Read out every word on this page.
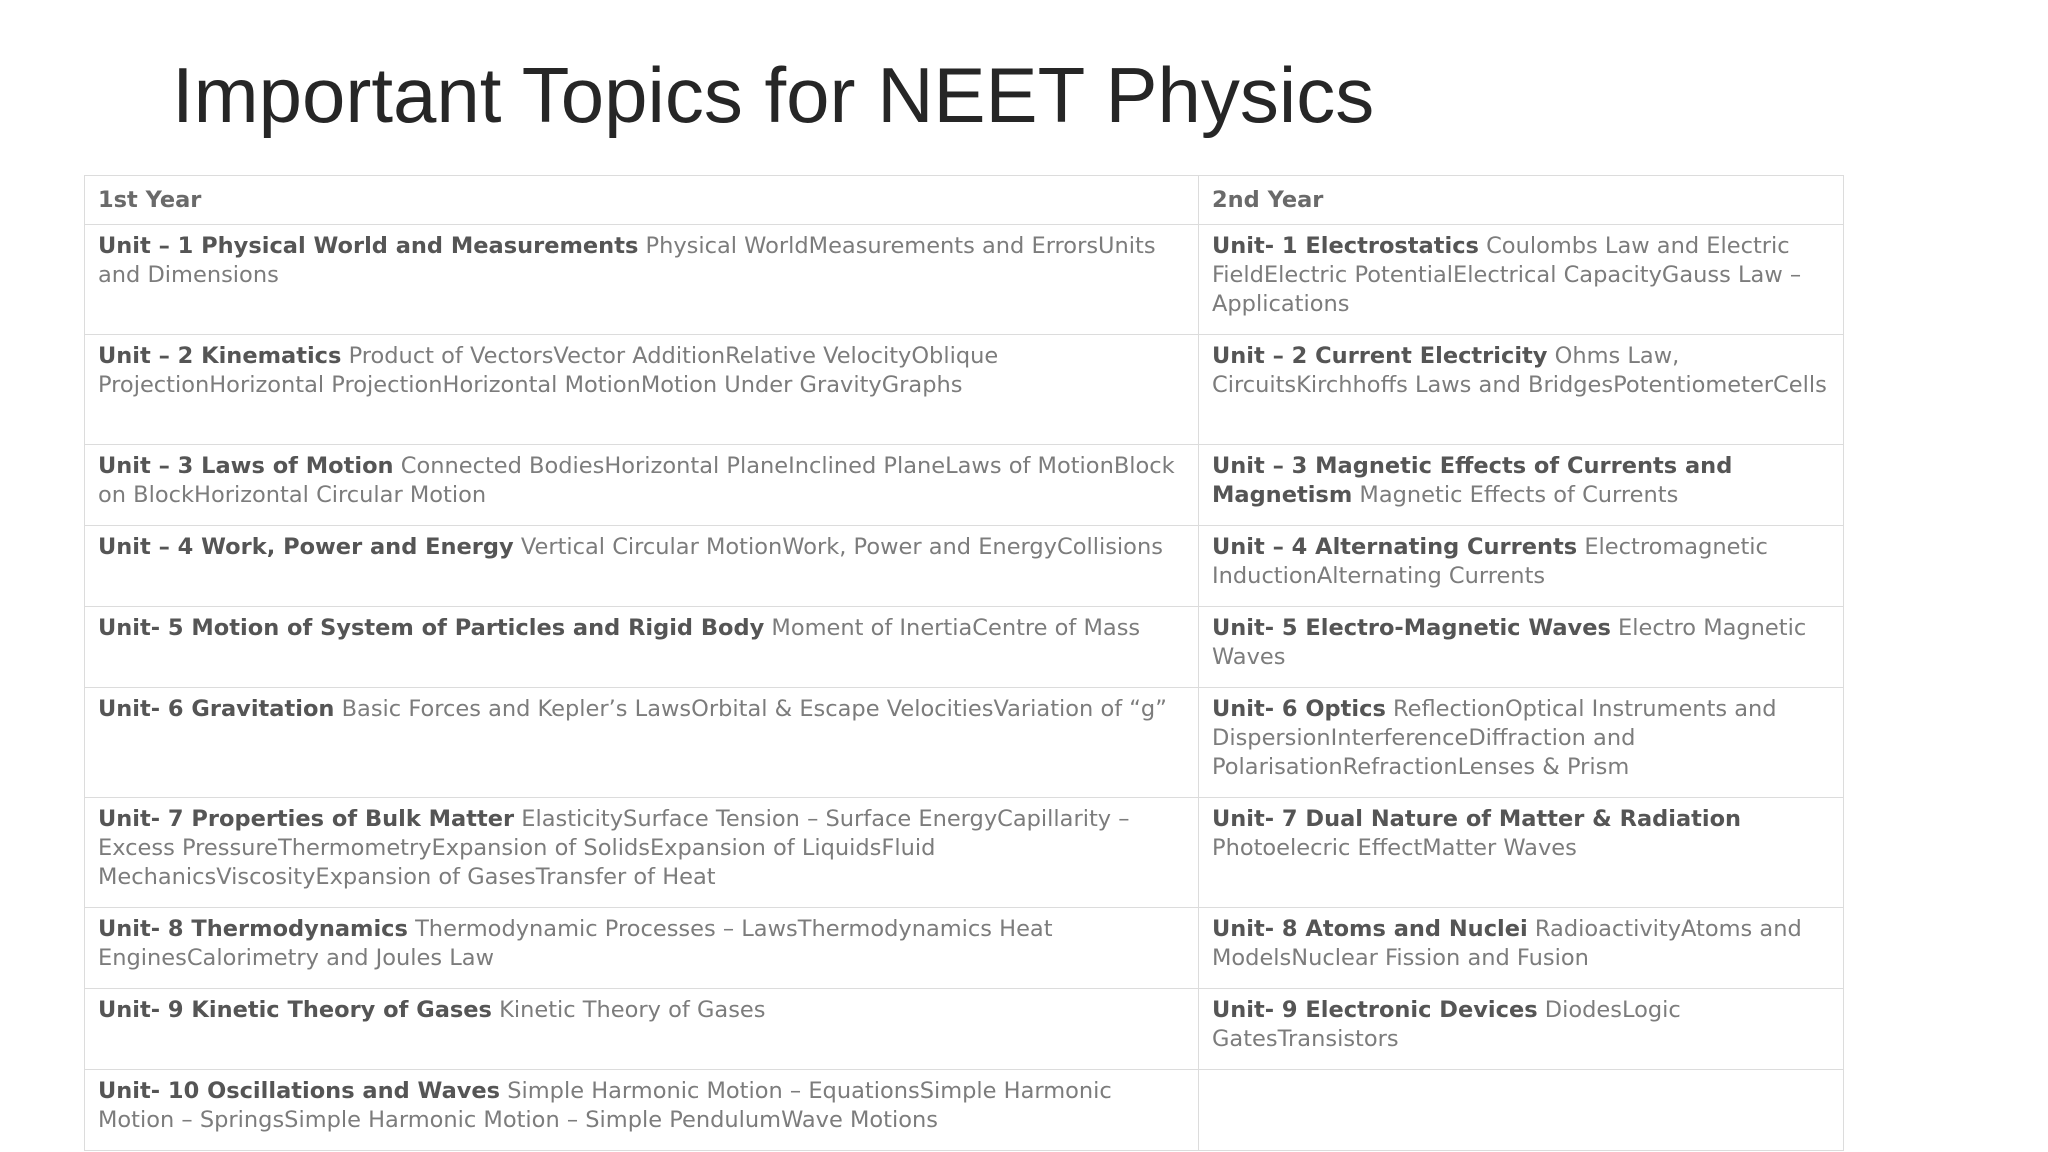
Important Topics for NEET Physics
1st Year	2nd Year
Unit – 1 Physical World and Measurements Physical WorldMeasurements and ErrorsUnits and Dimensions	Unit- 1 Electrostatics Coulombs Law and Electric FieldElectric PotentialElectrical CapacityGauss Law – Applications
Unit – 2 Kinematics Product of VectorsVector AdditionRelative VelocityOblique ProjectionHorizontal ProjectionHorizontal MotionMotion Under GravityGraphs	Unit – 2 Current Electricity Ohms Law, CircuitsKirchhoffs Laws and BridgesPotentiometerCells
Unit – 3 Laws of Motion Connected BodiesHorizontal PlaneInclined PlaneLaws of MotionBlock on BlockHorizontal Circular Motion	Unit – 3 Magnetic Effects of Currents and Magnetism Magnetic Effects of Currents
Unit – 4 Work, Power and Energy Vertical Circular MotionWork, Power and EnergyCollisions	Unit – 4 Alternating Currents Electromagnetic InductionAlternating Currents
Unit- 5 Motion of System of Particles and Rigid Body Moment of InertiaCentre of Mass	Unit- 5 Electro-Magnetic Waves Electro Magnetic Waves
Unit- 6 Gravitation Basic Forces and Kepler’s LawsOrbital & Escape VelocitiesVariation of “g”	Unit- 6 Optics ReflectionOptical Instruments and DispersionInterferenceDiffraction and PolarisationRefractionLenses & Prism
Unit- 7 Properties of Bulk Matter ElasticitySurface Tension – Surface EnergyCapillarity – Excess PressureThermometryExpansion of SolidsExpansion of LiquidsFluid MechanicsViscosityExpansion of GasesTransfer of Heat	Unit- 7 Dual Nature of Matter & Radiation Photoelecric EffectMatter Waves
Unit- 8 Thermodynamics Thermodynamic Processes – LawsThermodynamics Heat EnginesCalorimetry and Joules Law	Unit- 8 Atoms and Nuclei RadioactivityAtoms and ModelsNuclear Fission and Fusion
Unit- 9 Kinetic Theory of Gases Kinetic Theory of Gases	Unit- 9 Electronic Devices DiodesLogic GatesTransistors
Unit- 10 Oscillations and Waves Simple Harmonic Motion – EquationsSimple Harmonic Motion – SpringsSimple Harmonic Motion – Simple PendulumWave Motions	
